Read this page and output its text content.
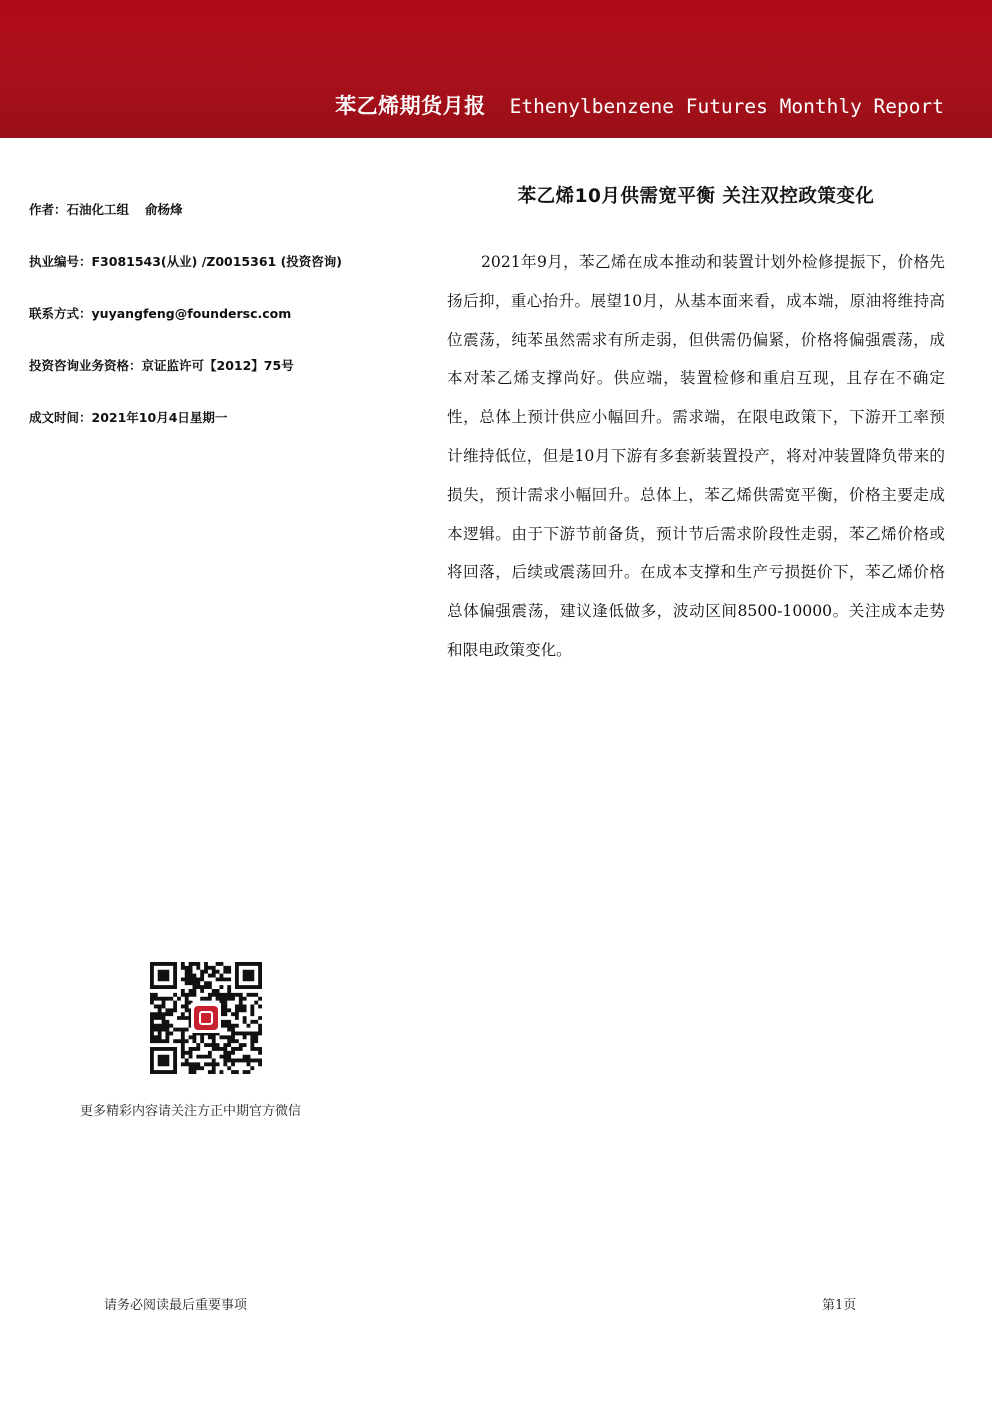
苯乙烯期货月报 Ethenylbenzene Futures Monthly Report
作者：石油化工组 俞杨烽
执业编号：F3081543(从业) /Z0015361 (投资咨询)
联系方式：yuyangfeng@foundersc.com
投资咨询业务资格：京证监许可【2012】75号
成文时间：2021年10月4日星期一
苯乙烯10月供需宽平衡 关注双控政策变化

2021年9月，苯乙烯在成本推动和装置计划外检修提振下，价格先扬后抑，重心抬升。展望10月，从基本面来看，成本端，原油将维持高位震荡，纯苯虽然需求有所走弱，但供需仍偏紧，价格将偏强震荡，成本对苯乙烯支撑尚好。供应端，装置检修和重启互现，且存在不确定性，总体上预计供应小幅回升。需求端，在限电政策下，下游开工率预计维持低位，但是10月下游有多套新装置投产，将对冲装置降负带来的损失，预计需求小幅回升。总体上，苯乙烯供需宽平衡，价格主要走成本逻辑。由于下游节前备货，预计节后需求阶段性走弱，苯乙烯价格或将回落，后续或震荡回升。在成本支撑和生产亏损挺价下，苯乙烯价格总体偏强震荡，建议逢低做多，波动区间8500-10000。关注成本走势和限电政策变化。

更多精彩内容请关注方正中期官方微信
请务必阅读最后重要事项	第1页
